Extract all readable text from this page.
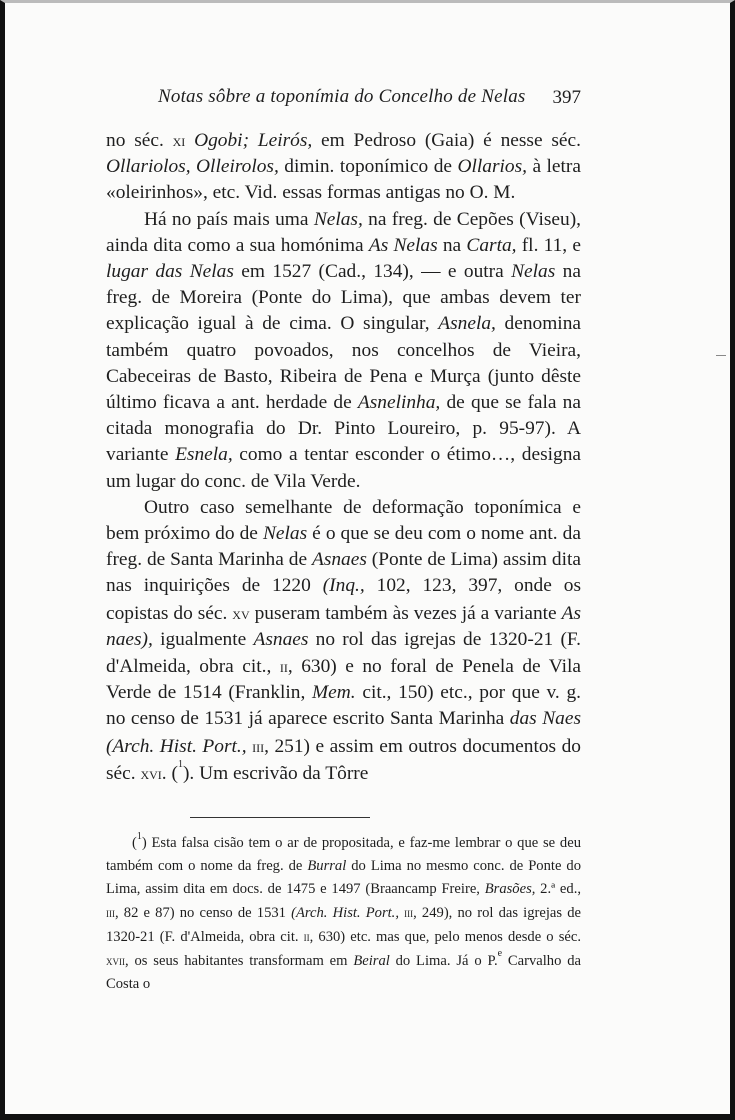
Notas sôbre a toponímia do Concelho de Nelas 397

no séc. xi Ogobi; Leirós, em Pedroso (Gaia) é nesse séc. Ollariolos, Olleirolos, dimin. toponímico de Ollarios, à letra «oleirinhos», etc. Vid. essas formas antigas no O. M.

Há no país mais uma Nelas, na freg. de Cepões (Viseu), ainda dita como a sua homónima As Nelas na Carta, fl. 11, e lugar das Nelas em 1527 (Cad., 134), — e outra Nelas na freg. de Moreira (Ponte do Lima), que ambas devem ter explicação igual à de cima. O singular, Asnela, denomina também quatro povoados, nos concelhos de Vieira, Cabeceiras de Basto, Ribeira de Pena e Murça (junto dêste último ficava a ant. herdade de Asnelinha, de que se fala na citada monografia do Dr. Pinto Loureiro, p. 95-97). A variante Esnela, como a tentar esconder o étimo…, designa um lugar do conc. de Vila Verde.

Outro caso semelhante de deformação toponímica e bem próximo do de Nelas é o que se deu com o nome ant. da freg. de Santa Marinha de Asnaes (Ponte de Lima) assim dita nas inquirições de 1220 (Inq., 102, 123, 397, onde os copistas do séc. xv puseram também às vezes já a variante As naes), igualmente Asnaes no rol das igrejas de 1320-21 (F. d'Almeida, obra cit., ii, 630) e no foral de Penela de Vila Verde de 1514 (Franklin, Mem. cit., 150) etc., por que v. g. no censo de 1531 já aparece escrito Santa Marinha das Naes (Arch. Hist. Port., iii, 251) e assim em outros documentos do séc. xvi. ($^1$). Um escrivão da Tôrre

($^1$) Esta falsa cisão tem o ar de propositada, e faz-me lembrar o que se deu também com o nome da freg. de Burral do Lima no mesmo conc. de Ponte do Lima, assim dita em docs. de 1475 e 1497 (Braancamp Freire, Brasões, 2.ª ed., iii, 82 e 87) no censo de 1531 (Arch. Hist. Port., iii, 249), no rol das igrejas de 1320-21 (F. d'Almeida, obra cit. ii, 630) etc. mas que, pelo menos desde o séc. xvii, os seus habitantes transformam em Beiral do Lima. Já o P.$^e$ Carvalho da Costa o
